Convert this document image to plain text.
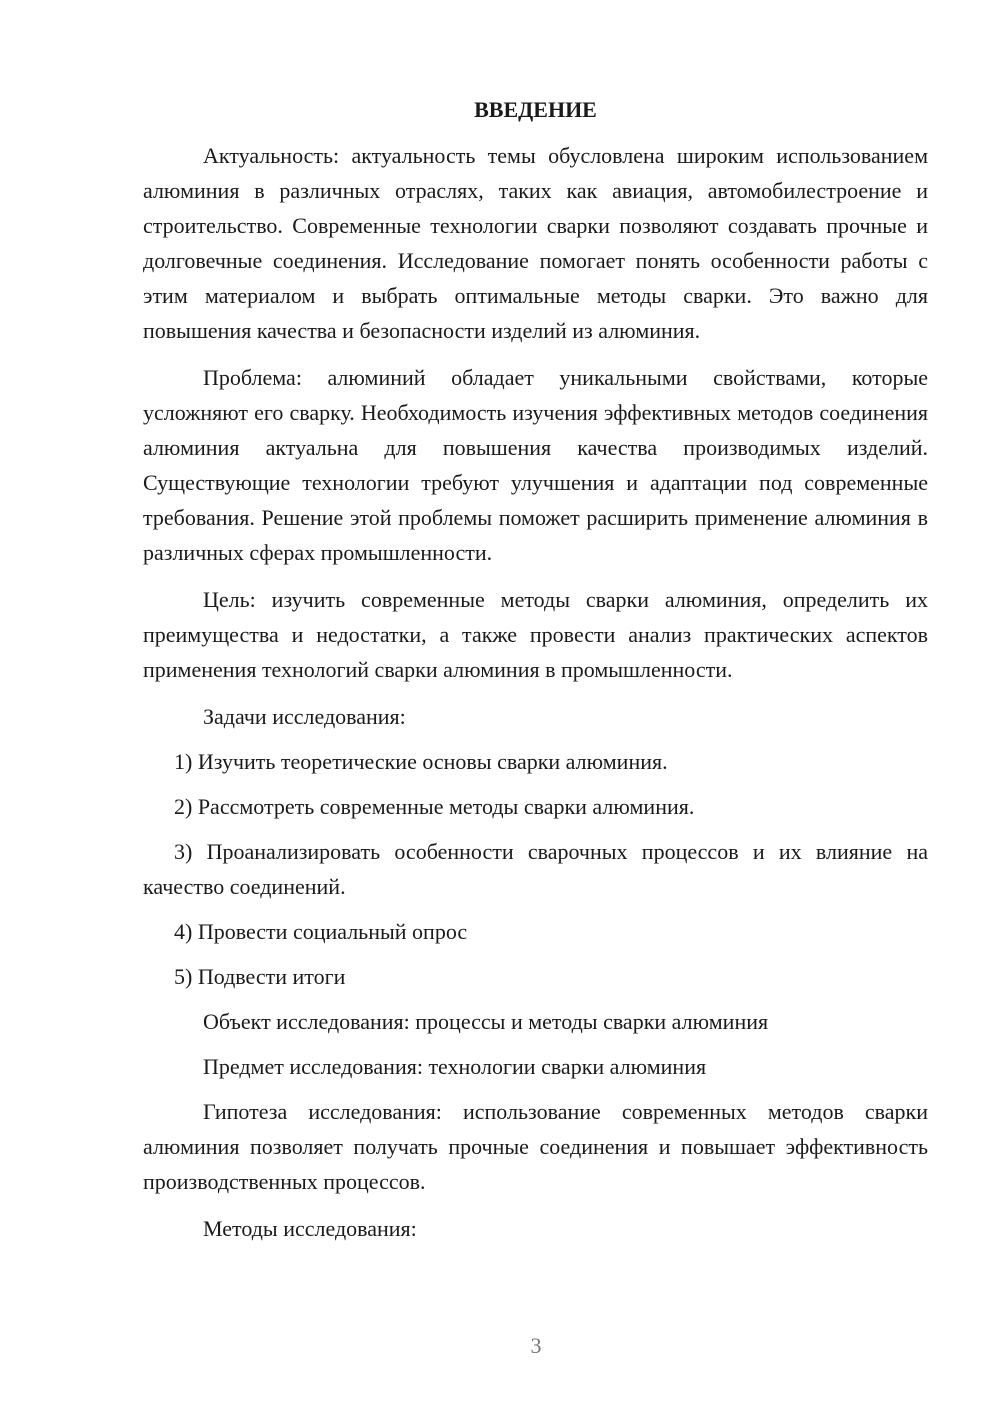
ВВЕДЕНИЕ

Актуальность: актуальность темы обусловлена широким использованием алюминия в различных отраслях, таких как авиация, автомобилестроение и строительство. Современные технологии сварки позволяют создавать прочные и долговечные соединения. Исследование помогает понять особенности работы с этим материалом и выбрать оптимальные методы сварки. Это важно для повышения качества и безопасности изделий из алюминия.

Проблема: алюминий обладает уникальными свойствами, которые усложняют его сварку. Необходимость изучения эффективных методов соединения алюминия актуальна для повышения качества производимых изделий. Существующие технологии требуют улучшения и адаптации под современные требования. Решение этой проблемы поможет расширить применение алюминия в различных сферах промышленности.

Цель: изучить современные методы сварки алюминия, определить их преимущества и недостатки, а также провести анализ практических аспектов применения технологий сварки алюминия в промышленности.

Задачи исследования:

1) Изучить теоретические основы сварки алюминия.

2) Рассмотреть современные методы сварки алюминия.

3) Проанализировать особенности сварочных процессов и их влияние на качество соединений.

4) Провести социальный опрос

5) Подвести итоги

Объект исследования: процессы и методы сварки алюминия

Предмет исследования: технологии сварки алюминия

Гипотеза исследования: использование современных методов сварки алюминия позволяет получать прочные соединения и повышает эффективность производственных процессов.

Методы исследования:

3
